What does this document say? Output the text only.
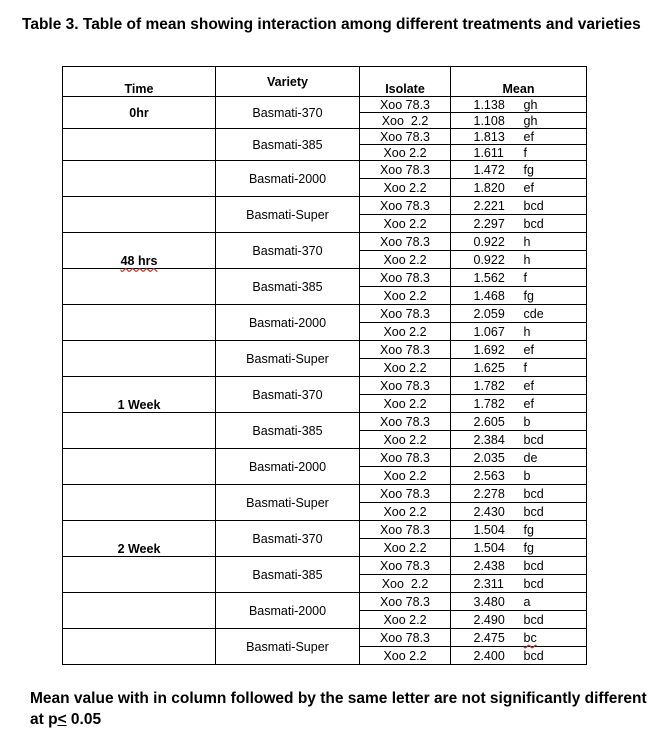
Table 3. Table of mean showing interaction among different treatments and varieties
Time	Variety	Isolate	Mean
0hr	Basmati-370	Xoo 78.3	1.138 gh
		Xoo  2.2	1.108 gh
	Basmati-385	Xoo 78.3	1.813 ef
		Xoo 2.2	1.611 f
	Basmati-2000	Xoo 78.3	1.472 fg
		Xoo 2.2	1.820 ef
	Basmati-Super	Xoo 78.3	2.221 bcd
		Xoo 2.2	2.297 bcd
48 hrs	Basmati-370	Xoo 78.3	0.922 h
		Xoo 2.2	0.922 h
	Basmati-385	Xoo 78.3	1.562 f
		Xoo 2.2	1.468 fg
	Basmati-2000	Xoo 78.3	2.059 cde
		Xoo 2.2	1.067 h
	Basmati-Super	Xoo 78.3	1.692 ef
		Xoo 2.2	1.625 f
1 Week	Basmati-370	Xoo 78.3	1.782 ef
		Xoo 2.2	1.782 ef
	Basmati-385	Xoo 78.3	2.605 b
		Xoo 2.2	2.384 bcd
	Basmati-2000	Xoo 78.3	2.035 de
		Xoo 2.2	2.563 b
	Basmati-Super	Xoo 78.3	2.278 bcd
		Xoo 2.2	2.430 bcd
2 Week	Basmati-370	Xoo 78.3	1.504 fg
		Xoo 2.2	1.504 fg
	Basmati-385	Xoo 78.3	2.438 bcd
		Xoo  2.2	2.311 bcd
	Basmati-2000	Xoo 78.3	3.480 a
		Xoo 2.2	2.490 bcd
	Basmati-Super	Xoo 78.3	2.475 bc
		Xoo 2.2	2.400 bcd
Mean value with in column followed by the same letter are not significantly different at p< 0.05
